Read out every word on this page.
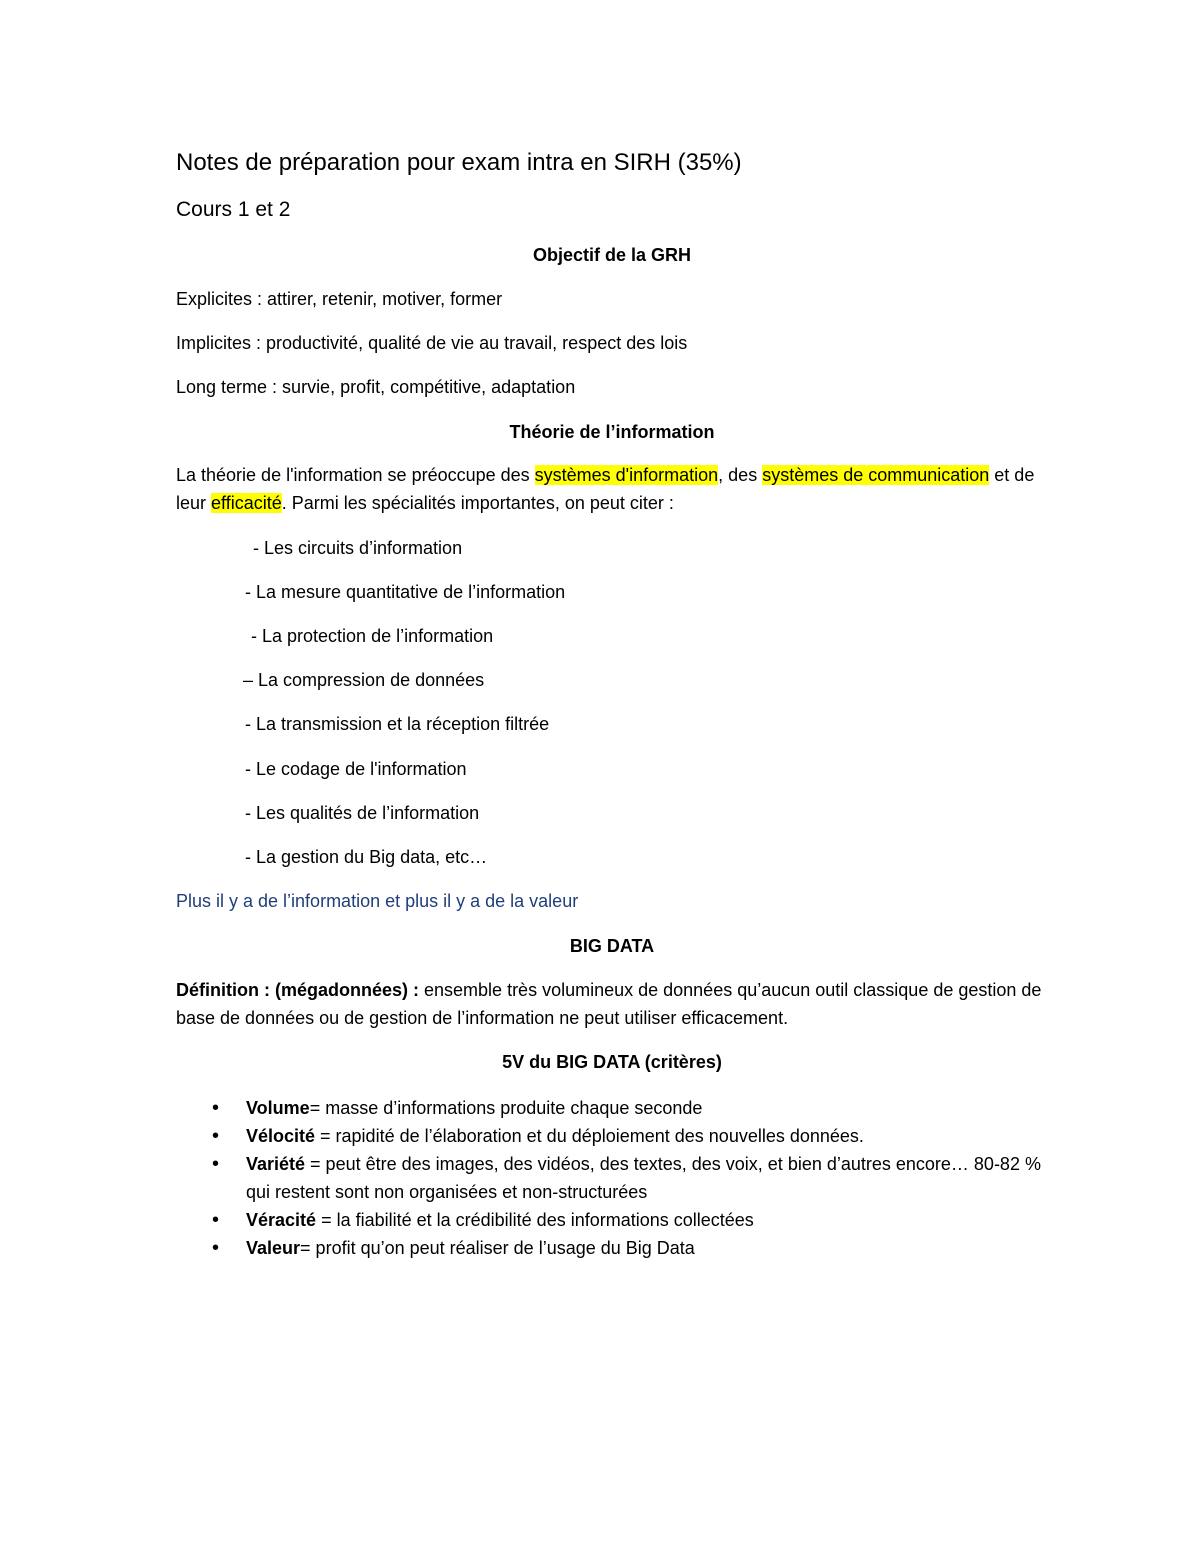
Notes de préparation pour exam intra en SIRH (35%)
Cours 1 et 2
Objectif de la GRH
Explicites : attirer, retenir, motiver, former
Implicites : productivité, qualité de vie au travail, respect des lois
Long terme : survie, profit, compétitive, adaptation
Théorie de l’information
La théorie de l'information se préoccupe des systèmes d'information, des systèmes de communication et de leur efficacité. Parmi les spécialités importantes, on peut citer :
- Les circuits d’information
- La mesure quantitative de l’information
- La protection de l’information
– La compression de données
- La transmission et la réception filtrée
- Le codage de l'information
- Les qualités de l’information
- La gestion du Big data, etc…
Plus il y a de l’information et plus il y a de la valeur
BIG DATA
Définition : (mégadonnées) : ensemble très volumineux de données qu’aucun outil classique de gestion de base de données ou de gestion de l’information ne peut utiliser efficacement.
5V du BIG DATA (critères)
• Volume= masse d’informations produite chaque seconde
• Vélocité = rapidité de l’élaboration et du déploiement des nouvelles données.
• Variété = peut être des images, des vidéos, des textes, des voix, et bien d’autres encore… 80-82 % qui restent sont non organisées et non-structurées
• Véracité = la fiabilité et la crédibilité des informations collectées
• Valeur= profit qu’on peut réaliser de l’usage du Big Data
